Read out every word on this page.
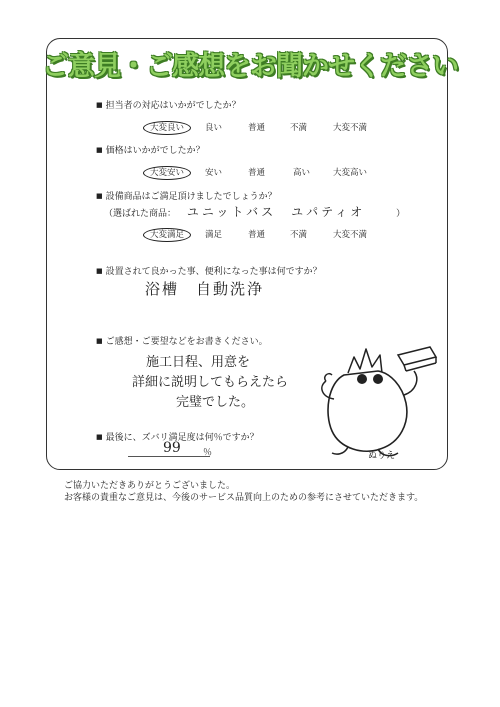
ご意見・ご感想をお聞かせください
■ 担当者の対応はいかがでしたか？
大変良い	良い	普通	不満	大変不満
■ 価格はいかがでしたか？
大変安い	安い	普通	高い	大変高い
■ 設備商品はご満足頂けましたでしょうか？
（選ばれた商品： ユニットバス　ユパティオ	）
大変満足	満足	普通	不満	大変不満
■ 設置されて良かった事、便利になった事は何ですか？
浴槽　自動洗浄
■ ご感想・ご要望などをお書きください。
施工日程、用意を
詳細に説明してもらえたら
完璧でした。
■ 最後に、ズバリ満足度は何％ですか？
99 ％	ぬりえ
ご協力いただきありがとうございました。
お客様の貴重なご意見は、今後のサービス品質向上のための参考にさせていただきます。
